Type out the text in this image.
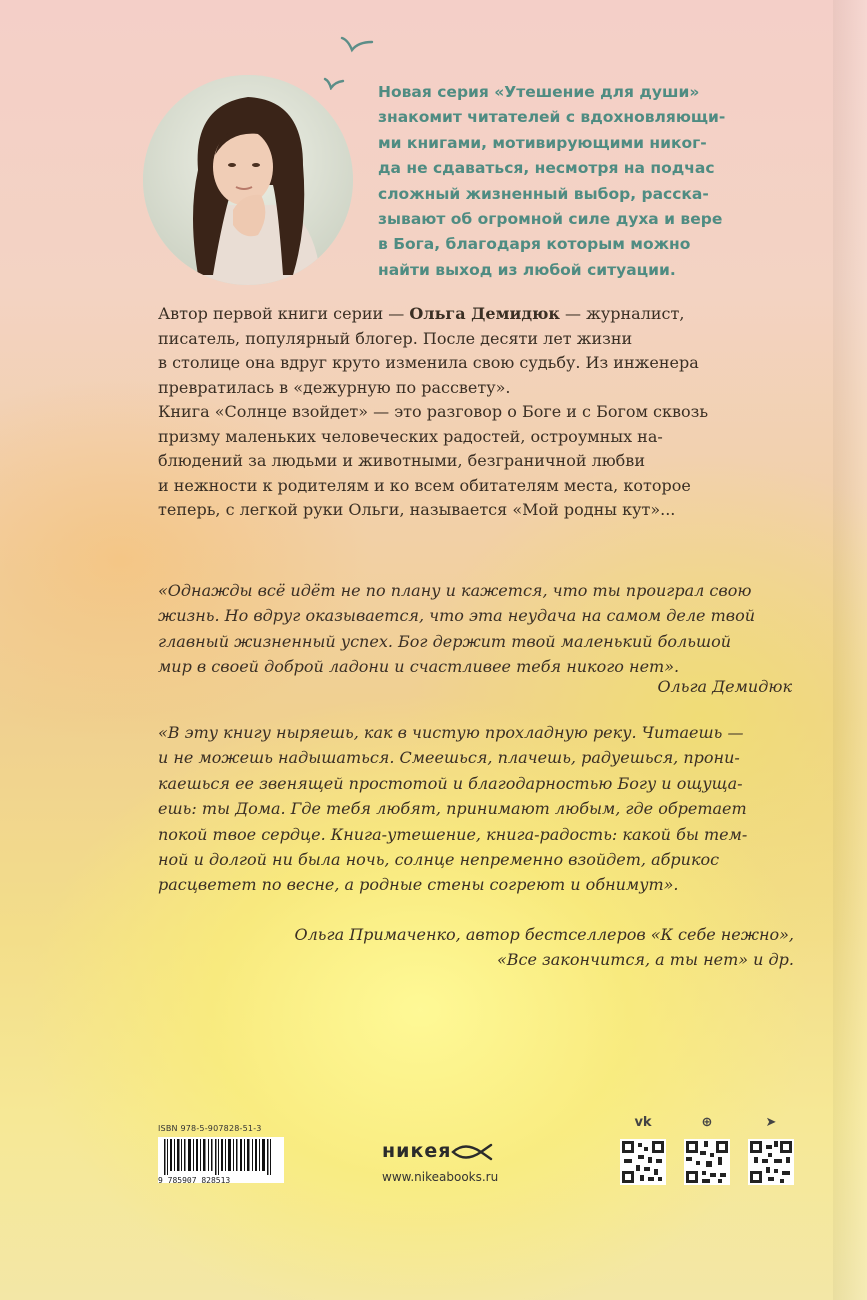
Новая серия «Утешение для души»

знакомит читателей с вдохновляющи-

ми книгами, мотивирующими никог-

да не сдаваться, несмотря на подчас

сложный жизненный выбор, расска-

зывают об огромной силе духа и вере

в Бога, благодаря которым можно

найти выход из любой ситуации.

Автор первой книги серии — Ольга Демидюк — журналист,

писатель, популярный блогер. После десяти лет жизни

в столице она вдруг круто изменила свою судьбу. Из инженера

превратилась в «дежурную по рассвету».

Книга «Солнце взойдет» — это разговор о Боге и с Богом сквозь

призму маленьких человеческих радостей, остроумных на-

блюдений за людьми и животными, безграничной любви

и нежности к родителям и ко всем обитателям места, которое

теперь, с легкой руки Ольги, называется «Мой родны кут»...

«Однажды всё идёт не по плану и кажется, что ты проиграл свою

жизнь. Но вдруг оказывается, что эта неудача на самом деле твой

главный жизненный успех. Бог держит твой маленький большой

мир в своей доброй ладони и счастливее тебя никого нет».

Ольга Демидюк

«В эту книгу ныряешь, как в чистую прохладную реку. Читаешь —

и не можешь надышаться. Смеешься, плачешь, радуешься, прони-

каешься ее звенящей простотой и благодарностью Богу и ощуща-

ешь: ты Дома. Где тебя любят, принимают любым, где обретает

покой твое сердце. Книга-утешение, книга-радость: какой бы тем-

ной и долгой ни была ночь, солнце непременно взойдет, абрикос

расцветет по весне, а родные стены согреют и обнимут».

Ольга Примаченко, автор бестселлеров «К себе нежно»,

«Все закончится, а ты нет» и др.

ISBN 978-5-907828-51-3
9 785907 828513
никея
www.nikeabooks.ru
vk	⊕	➤
